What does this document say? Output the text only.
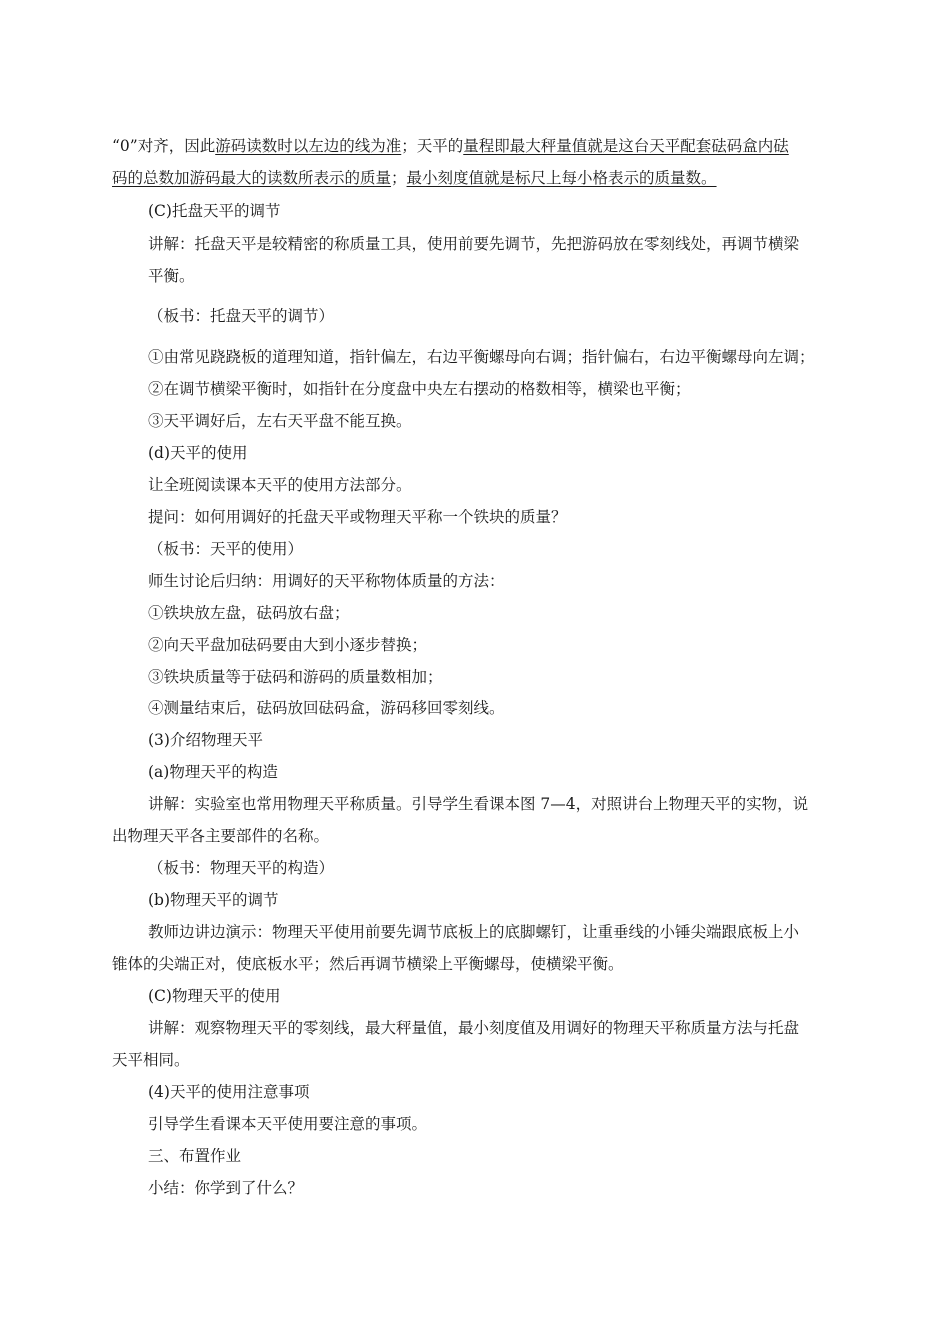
“0”对齐，因此游码读数时以左边的线为准；天平的量程即最大秤量值就是这台天平配套砝码盒内砝
码的总数加游码最大的读数所表示的质量；最小刻度值就是标尺上每小格表示的质量数。
(C)托盘天平的调节
讲解：托盘天平是较精密的称质量工具，使用前要先调节，先把游码放在零刻线处，再调节横梁
平衡。
（板书：托盘天平的调节）
①由常见跷跷板的道理知道，指针偏左，右边平衡螺母向右调；指针偏右，右边平衡螺母向左调；
②在调节横梁平衡时，如指针在分度盘中央左右摆动的格数相等，横梁也平衡；
③天平调好后，左右天平盘不能互换。
(d)天平的使用
让全班阅读课本天平的使用方法部分。
提问：如何用调好的托盘天平或物理天平称一个铁块的质量？
（板书：天平的使用）
师生讨论后归纳：用调好的天平称物体质量的方法：
①铁块放左盘，砝码放右盘；
②向天平盘加砝码要由大到小逐步替换；
③铁块质量等于砝码和游码的质量数相加；
④测量结束后，砝码放回砝码盒，游码移回零刻线。
(3)介绍物理天平
(a)物理天平的构造
讲解：实验室也常用物理天平称质量。引导学生看课本图 7—4，对照讲台上物理天平的实物，说
出物理天平各主要部件的名称。
（板书：物理天平的构造）
(b)物理天平的调节
教师边讲边演示：物理天平使用前要先调节底板上的底脚螺钉，让重垂线的小锤尖端跟底板上小
锥体的尖端正对，使底板水平；然后再调节横梁上平衡螺母，使横梁平衡。
(C)物理天平的使用
讲解：观察物理天平的零刻线，最大秤量值，最小刻度值及用调好的物理天平称质量方法与托盘
天平相同。
(4)天平的使用注意事项
引导学生看课本天平使用要注意的事项。
三、布置作业
小结：你学到了什么？
